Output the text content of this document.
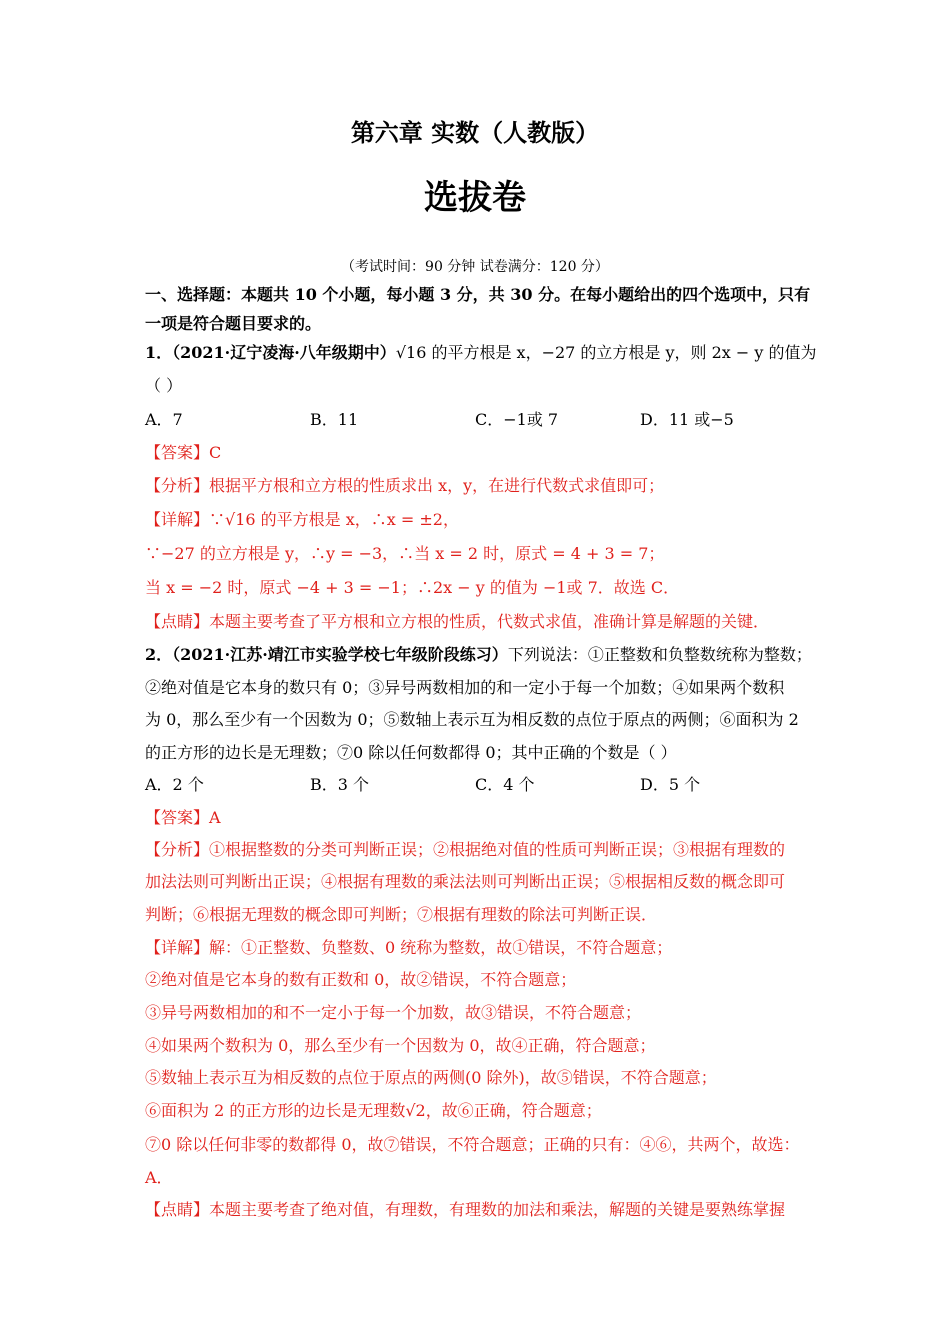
第六章 实数（人教版）
选拔卷
（考试时间：90 分钟 试卷满分：120 分）
一、选择题：本题共 10 个小题，每小题 3 分，共 30 分。在每小题给出的四个选项中，只有
一项是符合题目要求的。
1．（2021·辽宁凌海·八年级期中）√16 的平方根是 x，−27 的立方根是 y，则 2x − y 的值为
（ ）
A．7	B．11	C．−1或 7	D．11 或−5
【答案】C
【分析】根据平方根和立方根的性质求出 x，y，在进行代数式求值即可；
【详解】∵√16 的平方根是 x，∴x = ±2，
∵−27 的立方根是 y，∴y = −3，∴当 x = 2 时，原式 = 4 + 3 = 7；
当 x = −2 时，原式 −4 + 3 = −1；∴2x − y 的值为 −1或 7．故选 C．
【点睛】本题主要考查了平方根和立方根的性质，代数式求值，准确计算是解题的关键．
2．（2021·江苏·靖江市实验学校七年级阶段练习）下列说法：①正整数和负整数统称为整数；
②绝对值是它本身的数只有 0；③异号两数相加的和一定小于每一个加数；④如果两个数积
为 0，那么至少有一个因数为 0；⑤数轴上表示互为相反数的点位于原点的两侧；⑥面积为 2
的正方形的边长是无理数；⑦0 除以任何数都得 0；其中正确的个数是（ ）
A．2 个	B．3 个	C．4 个	D．5 个
【答案】A
【分析】①根据整数的分类可判断正误；②根据绝对值的性质可判断正误；③根据有理数的
加法法则可判断出正误；④根据有理数的乘法法则可判断出正误；⑤根据相反数的概念即可
判断；⑥根据无理数的概念即可判断；⑦根据有理数的除法可判断正误．
【详解】解：①正整数、负整数、0 统称为整数，故①错误，不符合题意；
②绝对值是它本身的数有正数和 0，故②错误，不符合题意；
③异号两数相加的和不一定小于每一个加数，故③错误，不符合题意；
④如果两个数积为 0，那么至少有一个因数为 0，故④正确，符合题意；
⑤数轴上表示互为相反数的点位于原点的两侧(0 除外)，故⑤错误，不符合题意；
⑥面积为 2 的正方形的边长是无理数√2，故⑥正确，符合题意；
⑦0 除以任何非零的数都得 0，故⑦错误，不符合题意；正确的只有：④⑥，共两个，故选：
A．
【点睛】本题主要考查了绝对值，有理数，有理数的加法和乘法，解题的关键是要熟练掌握
